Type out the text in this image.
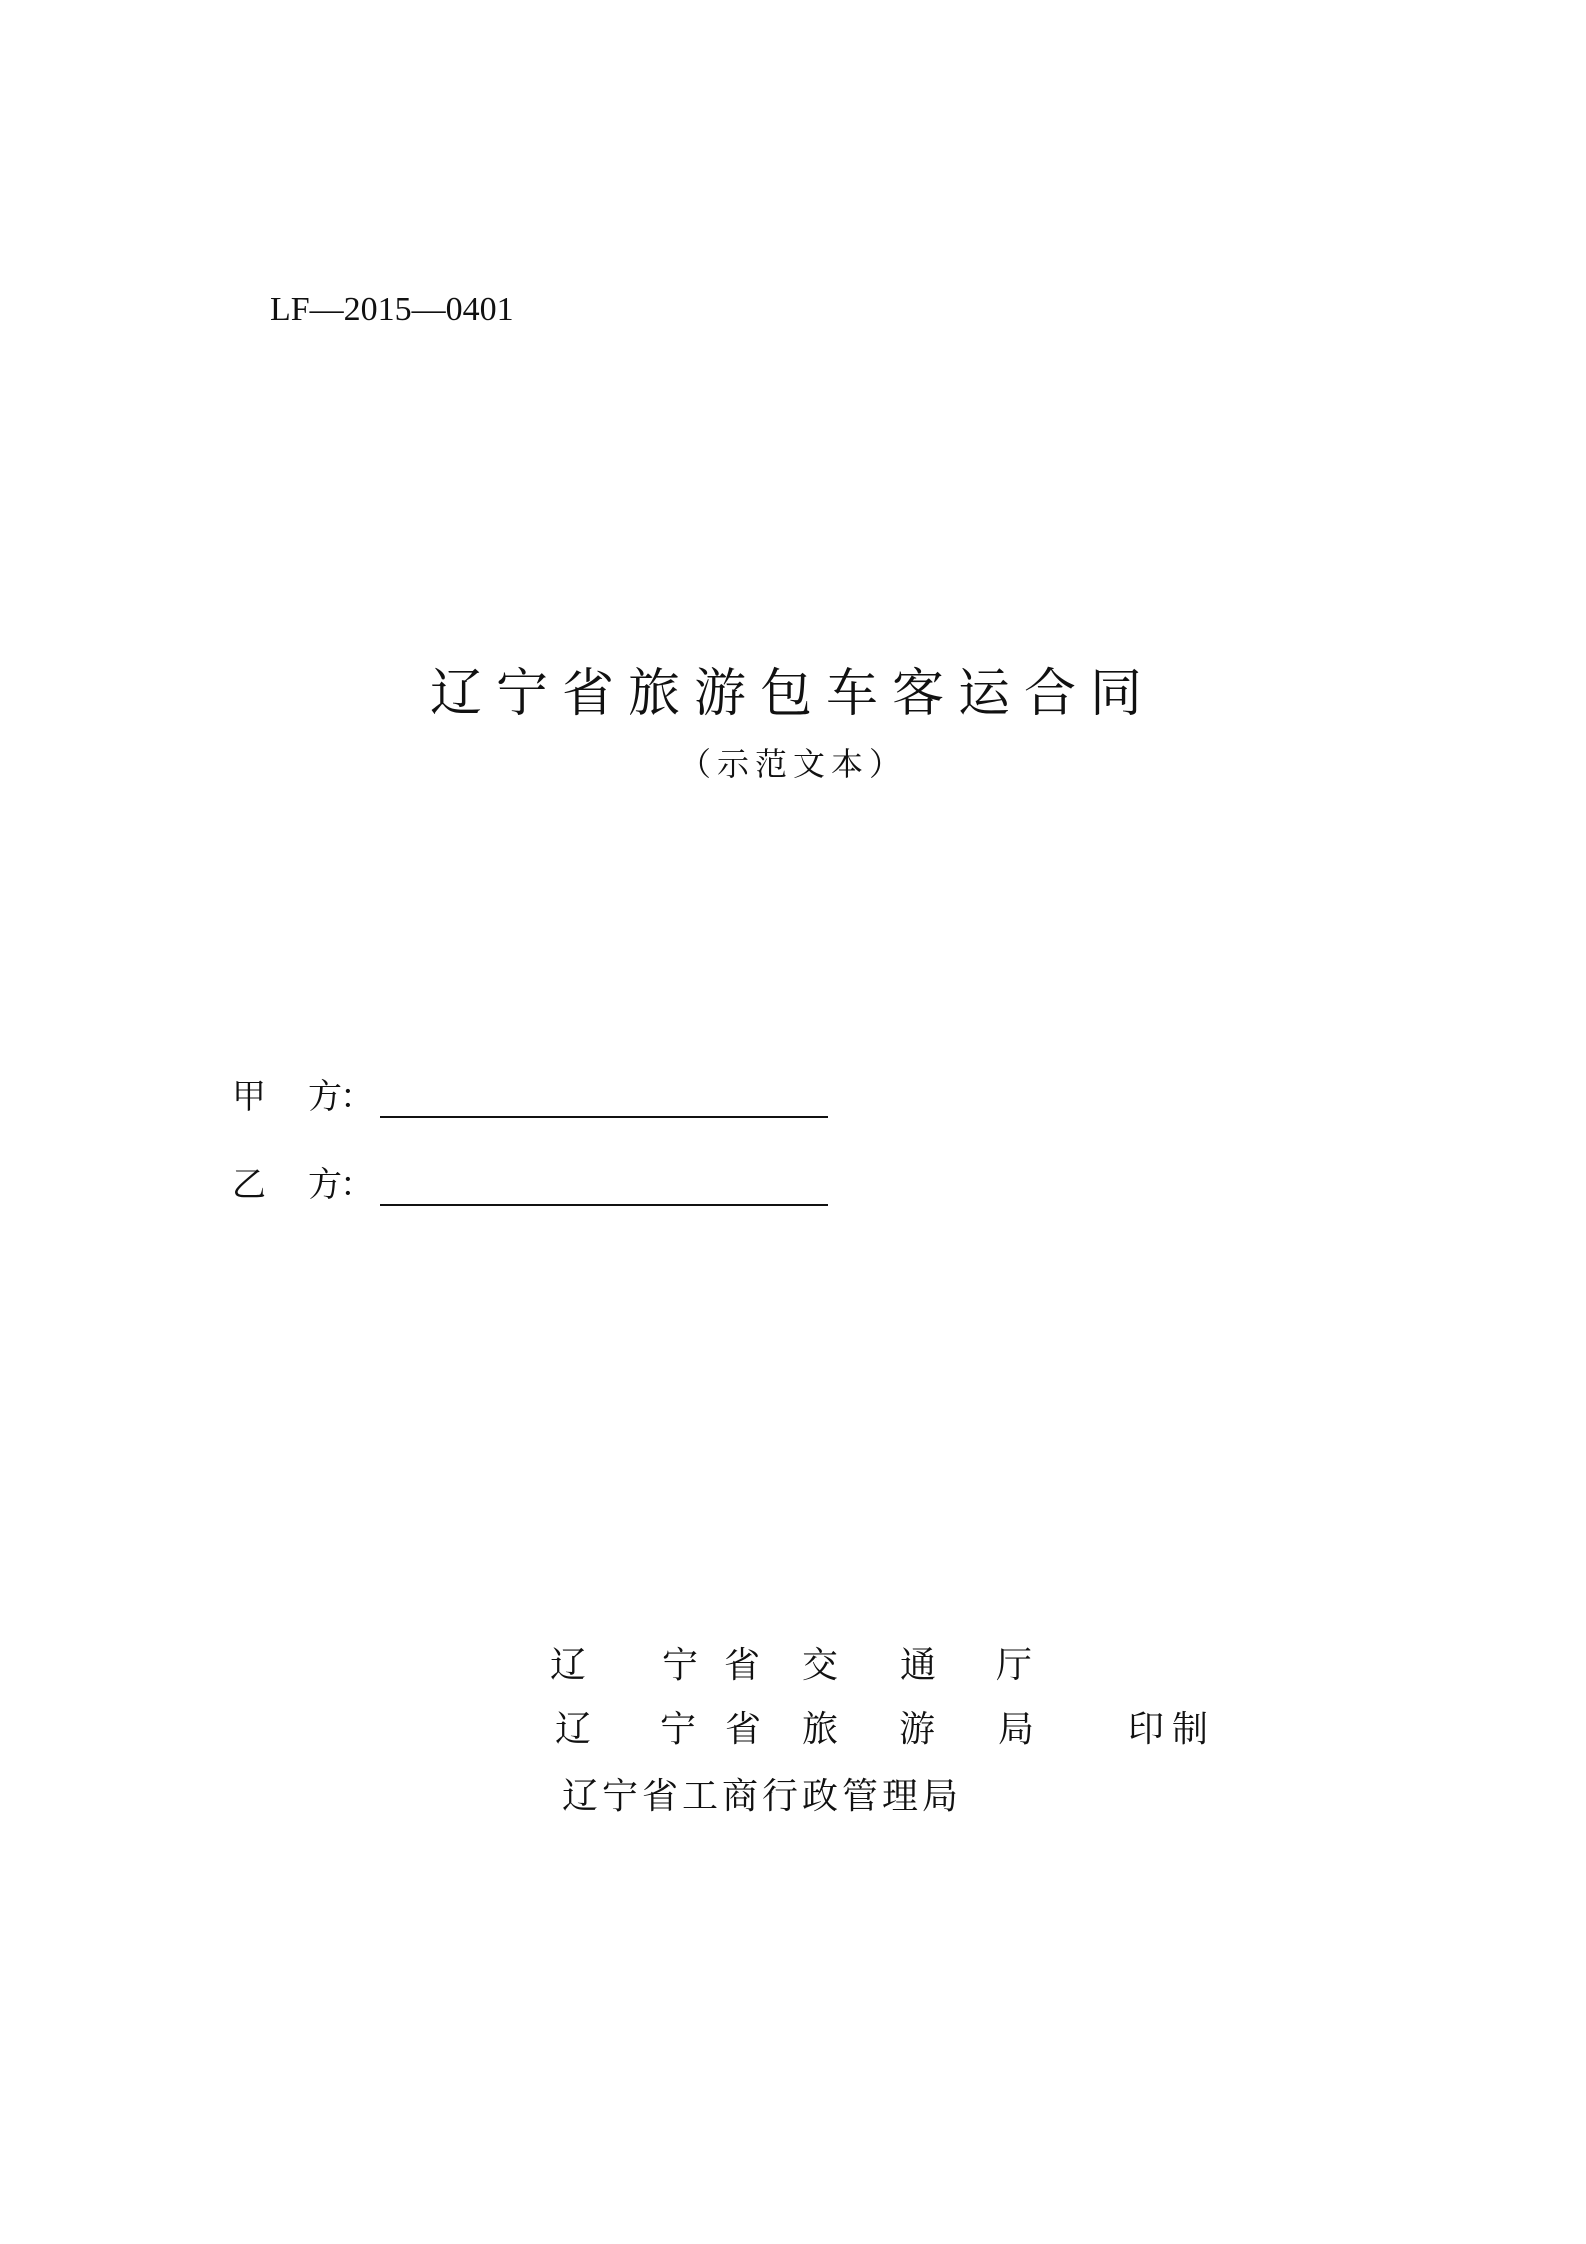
LF—2015—0401
辽宁省旅游包车客运合同
（示范文本）
甲 方
：
乙 方
：
辽 宁 省 交 通 厅
辽 宁 省 旅 游 局	印制
辽宁省工商行政管理局
